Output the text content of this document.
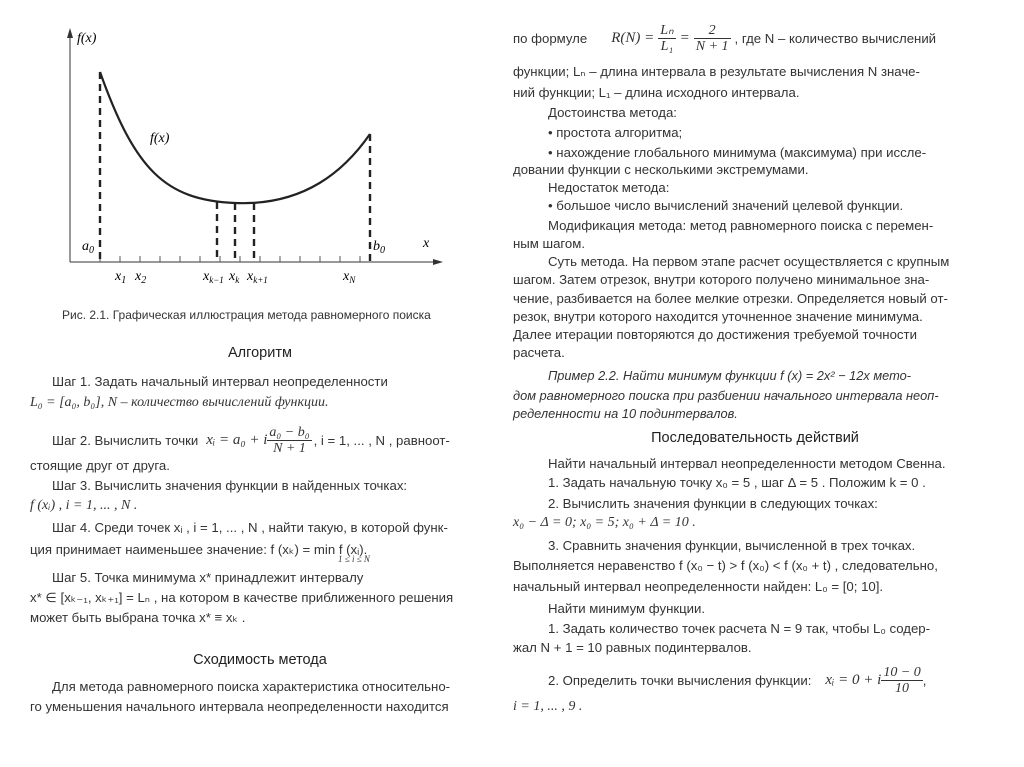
f(x)
f(x)
x
$a_0$	$b_0$
$x_1$ $x_2$	$x_{k-1}$ $x_k$ $x_{k+1}$	$x_N$
Рис. 2.1. Графическая иллюстрация метода равномерного поиска
Алгоритм
Шаг 1. Задать начальный интервал неопределенности
L₀ = [a₀, b₀], N – количество вычислений функции.
Шаг 2. Вычислить точки xᵢ = a₀ + i $\frac{\text{a₀ − b₀}}{N + 1}$ , i = 1, ... , N , равноот-
стоящие друг от друга.
Шаг 3. Вычислить значения функции в найденных точках:
f (xᵢ) , i = 1, ... , N .
Шаг 4. Среди точек xᵢ , i = 1, ... , N , найти такую, в которой функ-
ция принимает наименьшее значение: f (xₖ) = min f (xᵢ).
1 ≤ i ≤ N
Шаг 5. Точка минимума x* принадлежит интервалу
x* ∈ [xₖ₋₁, xₖ₊₁] = Lₙ , на котором в качестве приближенного решения
может быть выбрана точка x* ≡ xₖ .
Сходимость метода
Для метода равномерного поиска характеристика относительно-
го уменьшения начального интервала неопределенности находится
по формуле $R(N) = \frac{\text{Lₙ}}{\text{L₁}} = \frac{2}{N + 1}$ , где N – количество вычислений
функции; Lₙ – длина интервала в результате вычисления N значе-
ний функции; L₁ – длина исходного интервала.
Достоинства метода:
• простота алгоритма;
• нахождение глобального минимума (максимума) при иссле-
довании функции с несколькими экстремумами.
Недостаток метода:
• большое число вычислений значений целевой функции.
Модификация метода: метод равномерного поиска с перемен-
ным шагом.
Суть метода. На первом этапе расчет осуществляется с крупным
шагом. Затем отрезок, внутри которого получено минимальное зна-
чение, разбивается на более мелкие отрезки. Определяется новый от-
резок, внутри которого находится уточненное значение минимума.
Далее итерации повторяются до достижения требуемой точности
расчета.
Пример 2.2. Найти минимум функции f (x) = 2x² − 12x мето-
дом равномерного поиска при разбиении начального интервала неоп-
ределенности на 10 подинтервалов.
Последовательность действий
Найти начальный интервал неопределенности методом Свенна.
1. Задать начальную точку x₀ = 5 , шаг Δ = 5 . Положим k = 0 .
2. Вычислить значения функции в следующих точках:
x₀ − Δ = 0; x₀ = 5; x₀ + Δ = 10 .
3. Сравнить значения функции, вычисленной в трех точках.
Выполняется неравенство f (x₀ − t) > f (x₀) < f (x₀ + t) , следовательно,
начальный интервал неопределенности найден: L₀ = [0; 10].
Найти минимум функции.
1. Задать количество точек расчета N = 9 так, чтобы L₀ содер-
жал N + 1 = 10 равных подинтервалов.
2. Определить точки вычисления функции: xᵢ = 0 + i $\frac{10 - 0}{10}$ ,
i = 1, ... , 9 .
